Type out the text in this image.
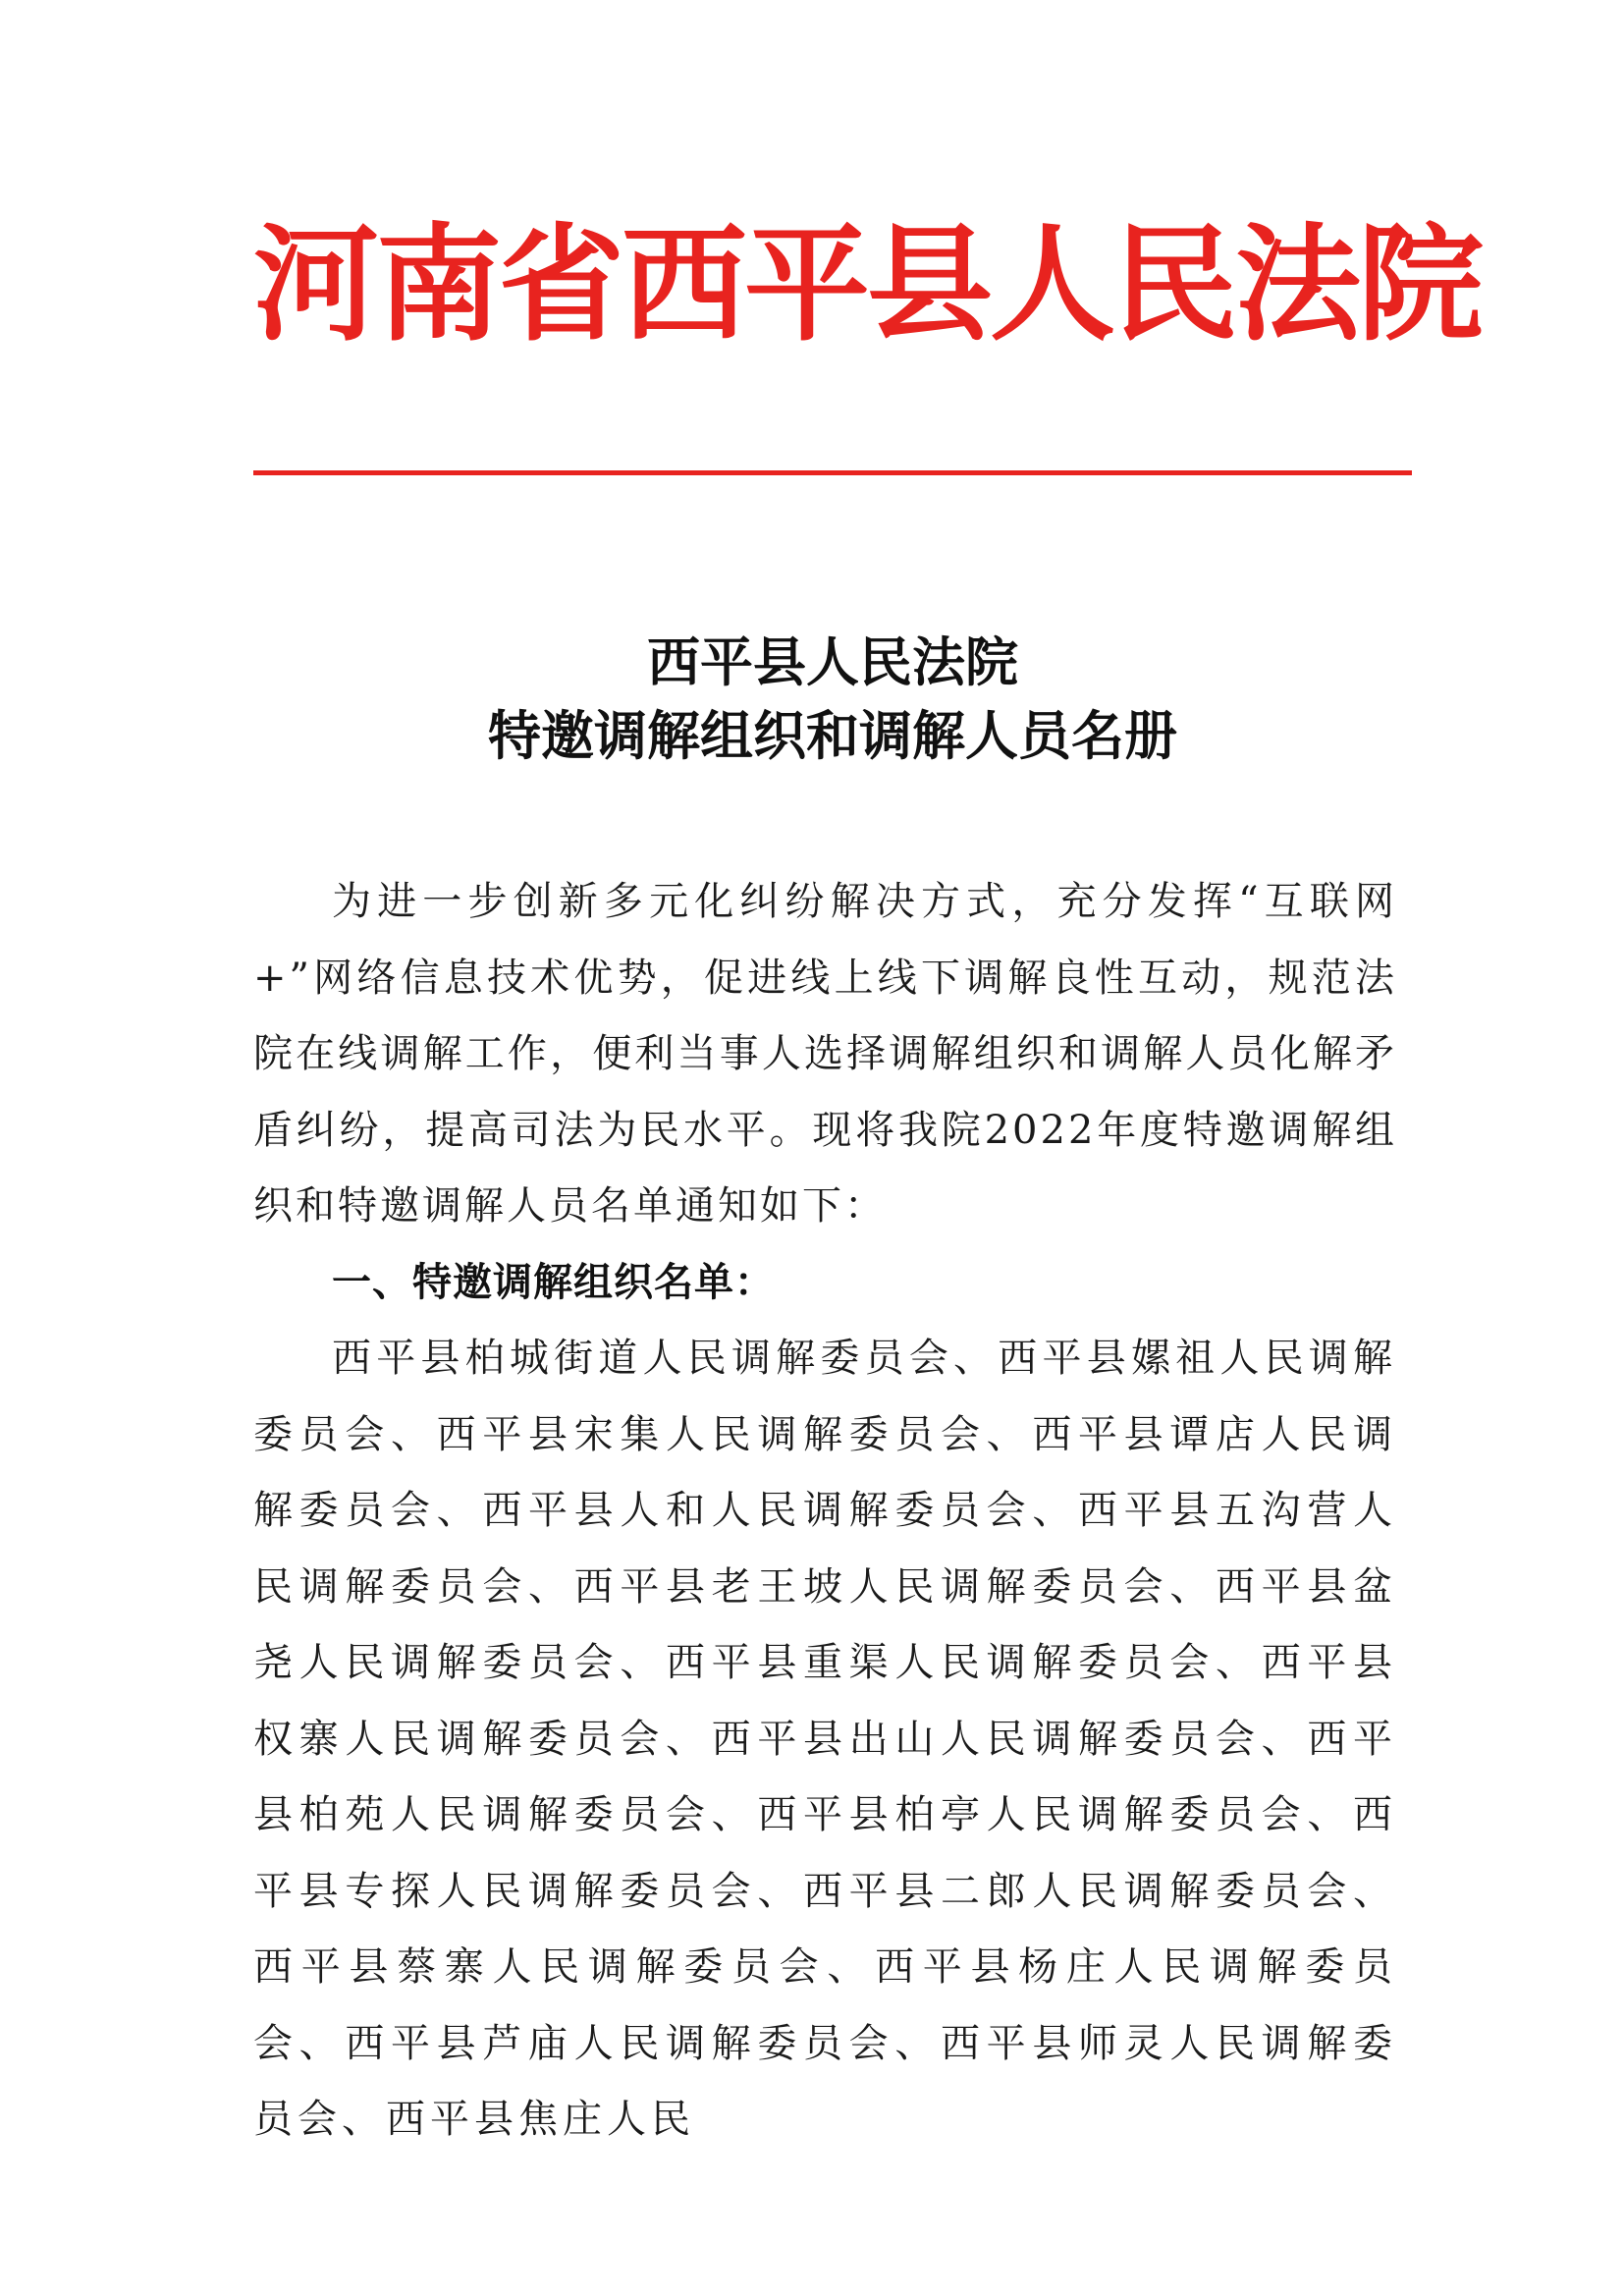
河南省西平县人民法院
西平县人民法院
特邀调解组织和调解人员名册

为进一步创新多元化纠纷解决方式，充分发挥“互联网+”网络信息技术优势，促进线上线下调解良性互动，规范法院在线调解工作，便利当事人选择调解组织和调解人员化解矛盾纠纷，提高司法为民水平。现将我院2022年度特邀调解组织和特邀调解人员名单通知如下：

一、特邀调解组织名单：

西平县柏城街道人民调解委员会、西平县嫘祖人民调解委员会、西平县宋集人民调解委员会、西平县谭店人民调解委员会、西平县人和人民调解委员会、西平县五沟营人民调解委员会、西平县老王坡人民调解委员会、西平县盆尧人民调解委员会、西平县重渠人民调解委员会、西平县权寨人民调解委员会、西平县出山人民调解委员会、西平县柏苑人民调解委员会、西平县柏亭人民调解委员会、西平县专探人民调解委员会、西平县二郎人民调解委员会、西平县蔡寨人民调解委员会、西平县杨庄人民调解委员会、西平县芦庙人民调解委员会、西平县师灵人民调解委员会、西平县焦庄人民
